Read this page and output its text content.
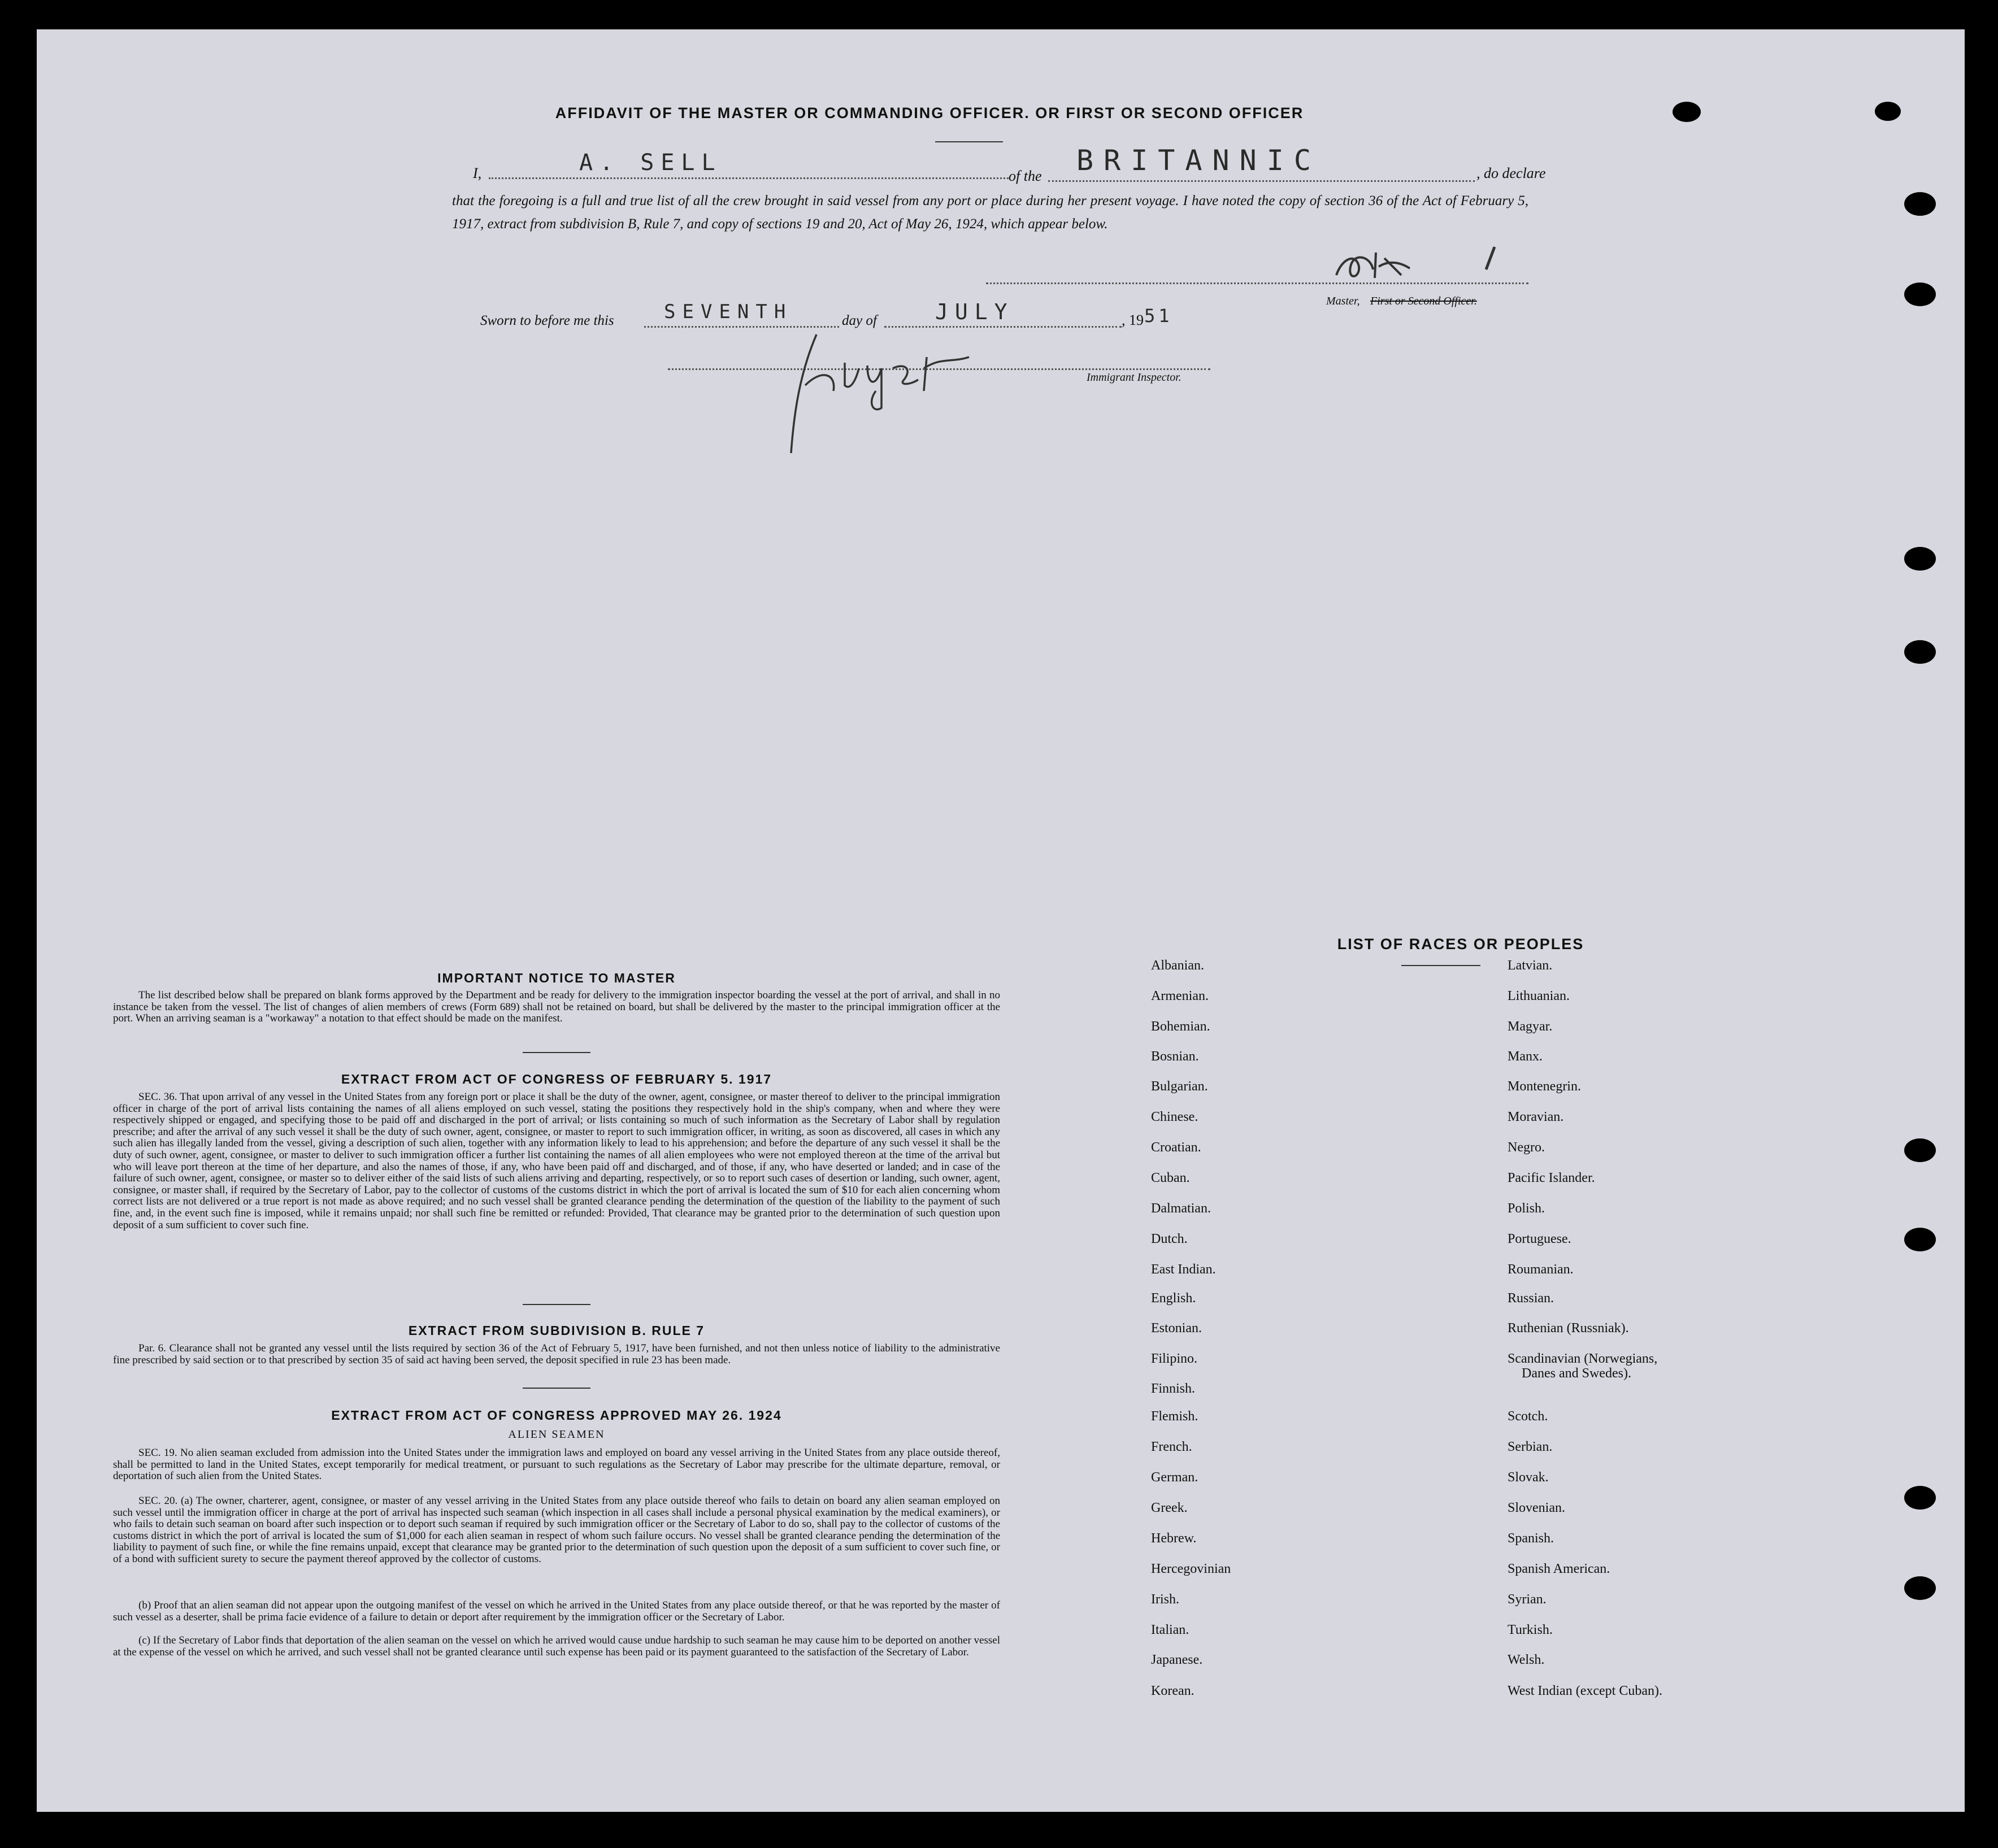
AFFIDAVIT OF THE MASTER OR COMMANDING OFFICER. OR FIRST OR SECOND OFFICER
I,	A. SELL
of the BRITANNIC	, do declare
that the foregoing is a full and true list of all the crew brought in said vessel from any port or place during her present voyage. I have noted the copy of section 36 of the Act of February 5, 1917, extract from subdivision B, Rule 7, and copy of sections 19 and 20, Act of May 26, 1924, which appear below.
Master, First or Second Officer.
Sworn to before me this	SEVENTH	day of	JULY	, 19 51
Immigrant Inspector.
IMPORTANT NOTICE TO MASTER
The list described below shall be prepared on blank forms approved by the Department and be ready for delivery to the immigration inspector boarding the vessel at the port of arrival, and shall in no instance be taken from the vessel. The list of changes of alien members of crews (Form 689) shall not be retained on board, but shall be delivered by the master to the principal immigration officer at the port. When an arriving seaman is a "workaway" a notation to that effect should be made on the manifest.
EXTRACT FROM ACT OF CONGRESS OF FEBRUARY 5. 1917
SEC. 36. That upon arrival of any vessel in the United States from any foreign port or place it shall be the duty of the owner, agent, consignee, or master thereof to deliver to the principal immigration officer in charge of the port of arrival lists containing the names of all aliens employed on such vessel, stating the positions they respectively hold in the ship's company, when and where they were respectively shipped or engaged, and specifying those to be paid off and discharged in the port of arrival; or lists containing so much of such information as the Secretary of Labor shall by regulation prescribe; and after the arrival of any such vessel it shall be the duty of such owner, agent, consignee, or master to report to such immigration officer, in writing, as soon as discovered, all cases in which any such alien has illegally landed from the vessel, giving a description of such alien, together with any information likely to lead to his apprehension; and before the departure of any such vessel it shall be the duty of such owner, agent, consignee, or master to deliver to such immigration officer a further list containing the names of all alien employees who were not employed thereon at the time of the arrival but who will leave port thereon at the time of her departure, and also the names of those, if any, who have been paid off and discharged, and of those, if any, who have deserted or landed; and in case of the failure of such owner, agent, consignee, or master so to deliver either of the said lists of such aliens arriving and departing, respectively, or so to report such cases of desertion or landing, such owner, agent, consignee, or master shall, if required by the Secretary of Labor, pay to the collector of customs of the customs district in which the port of arrival is located the sum of $10 for each alien concerning whom correct lists are not delivered or a true report is not made as above required; and no such vessel shall be granted clearance pending the determination of the question of the liability to the payment of such fine, and, in the event such fine is imposed, while it remains unpaid; nor shall such fine be remitted or refunded: Provided, That clearance may be granted prior to the determination of such question upon deposit of a sum sufficient to cover such fine.
EXTRACT FROM SUBDIVISION B. RULE 7
Par. 6. Clearance shall not be granted any vessel until the lists required by section 36 of the Act of February 5, 1917, have been furnished, and not then unless notice of liability to the administrative fine prescribed by said section or to that prescribed by section 35 of said act having been served, the deposit specified in rule 23 has been made.
EXTRACT FROM ACT OF CONGRESS APPROVED MAY 26. 1924
ALIEN SEAMEN
SEC. 19. No alien seaman excluded from admission into the United States under the immigration laws and employed on board any vessel arriving in the United States from any place outside thereof, shall be permitted to land in the United States, except temporarily for medical treatment, or pursuant to such regulations as the Secretary of Labor may prescribe for the ultimate departure, removal, or deportation of such alien from the United States.
SEC. 20. (a) The owner, charterer, agent, consignee, or master of any vessel arriving in the United States from any place outside thereof who fails to detain on board any alien seaman employed on such vessel until the immigration officer in charge at the port of arrival has inspected such seaman (which inspection in all cases shall include a personal physical examination by the medical examiners), or who fails to detain such seaman on board after such inspection or to deport such seaman if required by such immigration officer or the Secretary of Labor to do so, shall pay to the collector of customs of the customs district in which the port of arrival is located the sum of $1,000 for each alien seaman in respect of whom such failure occurs. No vessel shall be granted clearance pending the determination of the liability to payment of such fine, or while the fine remains unpaid, except that clearance may be granted prior to the determination of such question upon the deposit of a sum sufficient to cover such fine, or of a bond with sufficient surety to secure the payment thereof approved by the collector of customs.
(b) Proof that an alien seaman did not appear upon the outgoing manifest of the vessel on which he arrived in the United States from any place outside thereof, or that he was reported by the master of such vessel as a deserter, shall be prima facie evidence of a failure to detain or deport after requirement by the immigration officer or the Secretary of Labor.
(c) If the Secretary of Labor finds that deportation of the alien seaman on the vessel on which he arrived would cause undue hardship to such seaman he may cause him to be deported on another vessel at the expense of the vessel on which he arrived, and such vessel shall not be granted clearance until such expense has been paid or its payment guaranteed to the satisfaction of the Secretary of Labor.
LIST OF RACES OR PEOPLES
Albanian.
Armenian.
Bohemian.
Bosnian.
Bulgarian.
Chinese.
Croatian.
Cuban.
Dalmatian.
Dutch.
East Indian.
English.
Estonian.
Filipino.
Finnish.
Flemish.
French.
German.
Greek.
Hebrew.
Hercegovinian
Irish.
Italian.
Japanese.
Korean.
Latvian.
Lithuanian.
Magyar.
Manx.
Montenegrin.
Moravian.
Negro.
Pacific Islander.
Polish.
Portuguese.
Roumanian.
Russian.
Ruthenian (Russniak).
Scandinavian (Norwegians,
Danes and Swedes).
Scotch.
Serbian.
Slovak.
Slovenian.
Spanish.
Spanish American.
Syrian.
Turkish.
Welsh.
West Indian (except Cuban).
